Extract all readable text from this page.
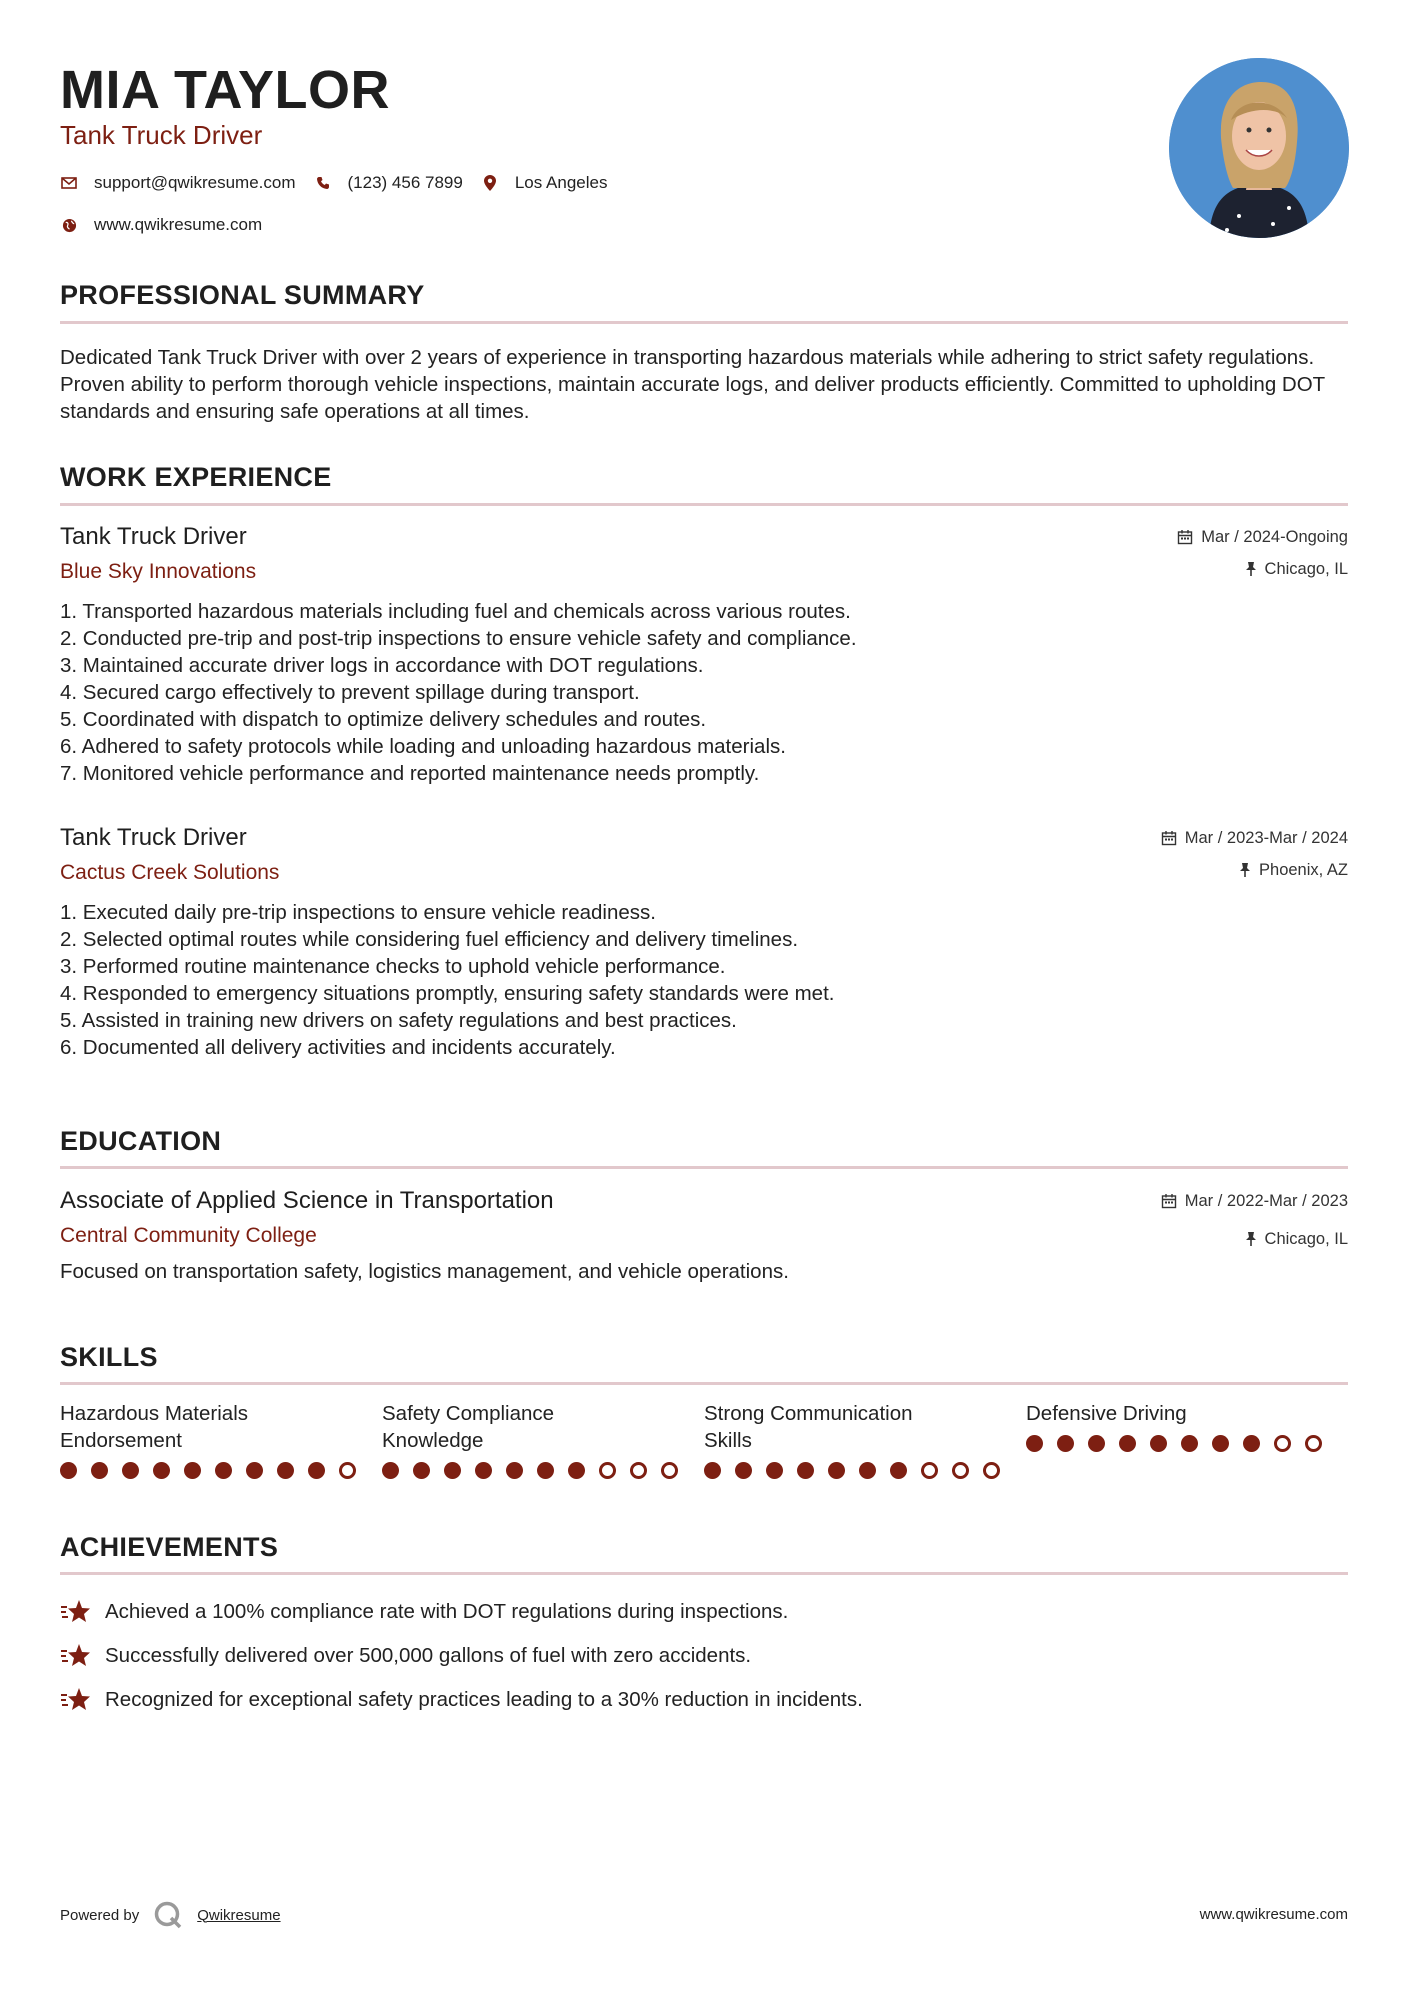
MIA TAYLOR
Tank Truck Driver
support@qwikresume.com	(123) 456 7899	Los Angeles
www.qwikresume.com
PROFESSIONAL SUMMARY

Dedicated Tank Truck Driver with over 2 years of experience in transporting hazardous materials while adhering to strict safety regulations. Proven ability to perform thorough vehicle inspections, maintain accurate logs, and deliver products efficiently. Committed to upholding DOT standards and ensuring safe operations at all times.

WORK EXPERIENCE
Tank Truck Driver
Blue Sky Innovations
Mar / 2024-Ongoing
Chicago, IL
1. Transported hazardous materials including fuel and chemicals across various routes.
2. Conducted pre-trip and post-trip inspections to ensure vehicle safety and compliance.
3. Maintained accurate driver logs in accordance with DOT regulations.
4. Secured cargo effectively to prevent spillage during transport.
5. Coordinated with dispatch to optimize delivery schedules and routes.
6. Adhered to safety protocols while loading and unloading hazardous materials.
7. Monitored vehicle performance and reported maintenance needs promptly.
Tank Truck Driver
Cactus Creek Solutions
Mar / 2023-Mar / 2024
Phoenix, AZ
1. Executed daily pre-trip inspections to ensure vehicle readiness.
2. Selected optimal routes while considering fuel efficiency and delivery timelines.
3. Performed routine maintenance checks to uphold vehicle performance.
4. Responded to emergency situations promptly, ensuring safety standards were met.
5. Assisted in training new drivers on safety regulations and best practices.
6. Documented all delivery activities and incidents accurately.
EDUCATION
Associate of Applied Science in Transportation
Central Community College
Mar / 2022-Mar / 2023
Chicago, IL
Focused on transportation safety, logistics management, and vehicle operations.
SKILLS
Hazardous Materials
Endorsement
Safety Compliance
Knowledge
Strong Communication
Skills
Defensive Driving
ACHIEVEMENTS
Achieved a 100% compliance rate with DOT regulations during inspections.
Successfully delivered over 500,000 gallons of fuel with zero accidents.
Recognized for exceptional safety practices leading to a 30% reduction in incidents.
Powered by	Qwikresume	www.qwikresume.com
